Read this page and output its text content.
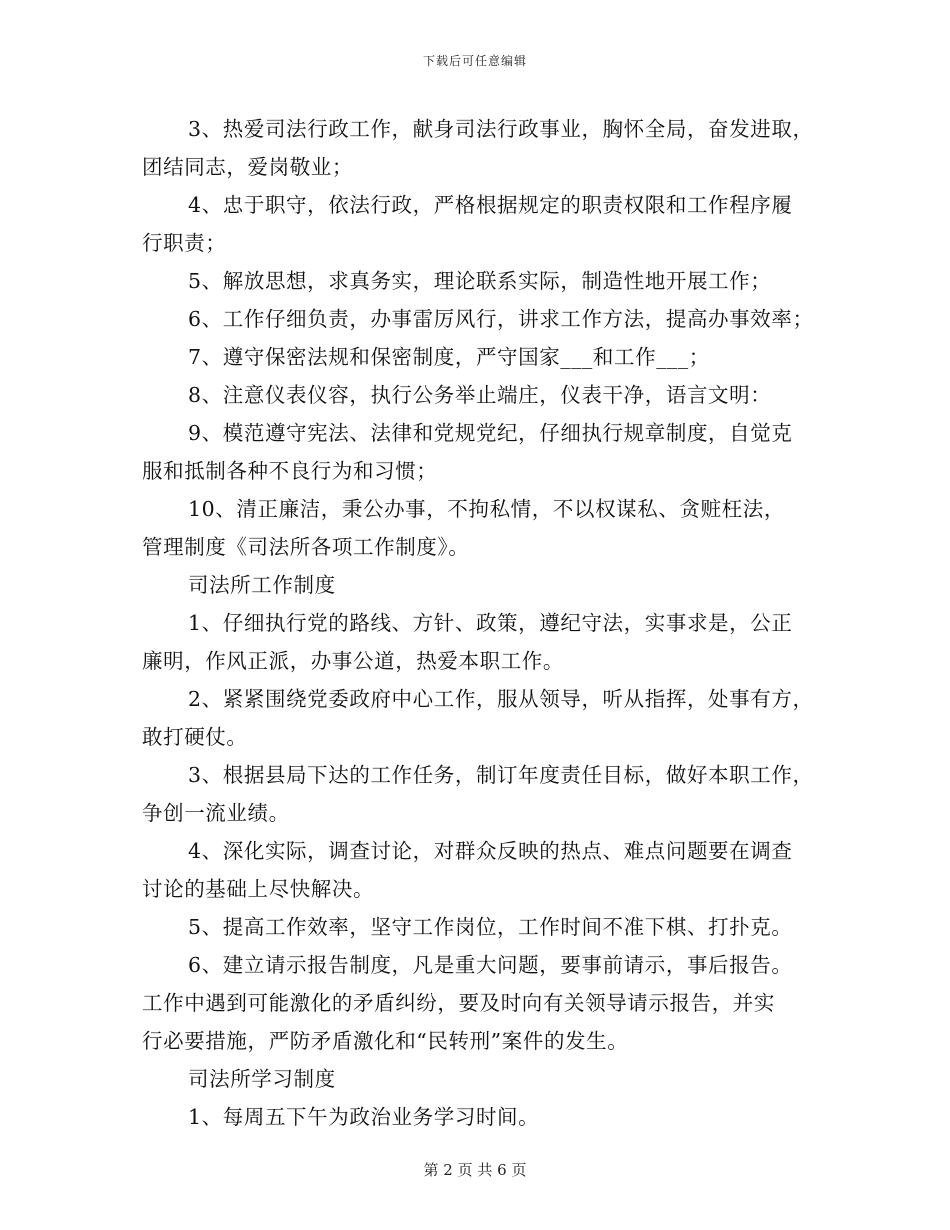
下载后可任意编辑
3、热爱司法行政工作，献身司法行政事业，胸怀全局，奋发进取，
团结同志，爱岗敬业；
4、忠于职守，依法行政，严格根据规定的职责权限和工作程序履
行职责；
5、解放思想，求真务实，理论联系实际，制造性地开展工作；
6、工作仔细负责，办事雷厉风行，讲求工作方法，提高办事效率；
7、遵守保密法规和保密制度，严守国家___和工作___；
8、注意仪表仪容，执行公务举止端庄，仪表干净，语言文明：
9、模范遵守宪法、法律和党规党纪，仔细执行规章制度，自觉克
服和抵制各种不良行为和习惯；
10、清正廉洁，秉公办事，不拘私情，不以权谋私、贪赃枉法，
管理制度《司法所各项工作制度》。
司法所工作制度
1、仔细执行党的路线、方针、政策，遵纪守法，实事求是，公正
廉明，作风正派，办事公道，热爱本职工作。
2、紧紧围绕党委政府中心工作，服从领导，听从指挥，处事有方，
敢打硬仗。
3、根据县局下达的工作任务，制订年度责任目标，做好本职工作，
争创一流业绩。
4、深化实际，调查讨论，对群众反映的热点、难点问题要在调查
讨论的基础上尽快解决。
5、提高工作效率，坚守工作岗位，工作时间不准下棋、打扑克。
6、建立请示报告制度，凡是重大问题，要事前请示，事后报告。
工作中遇到可能激化的矛盾纠纷，要及时向有关领导请示报告，并实
行必要措施，严防矛盾激化和“民转刑”案件的发生。
司法所学习制度
1、每周五下午为政治业务学习时间。
第 2 页 共 6 页
